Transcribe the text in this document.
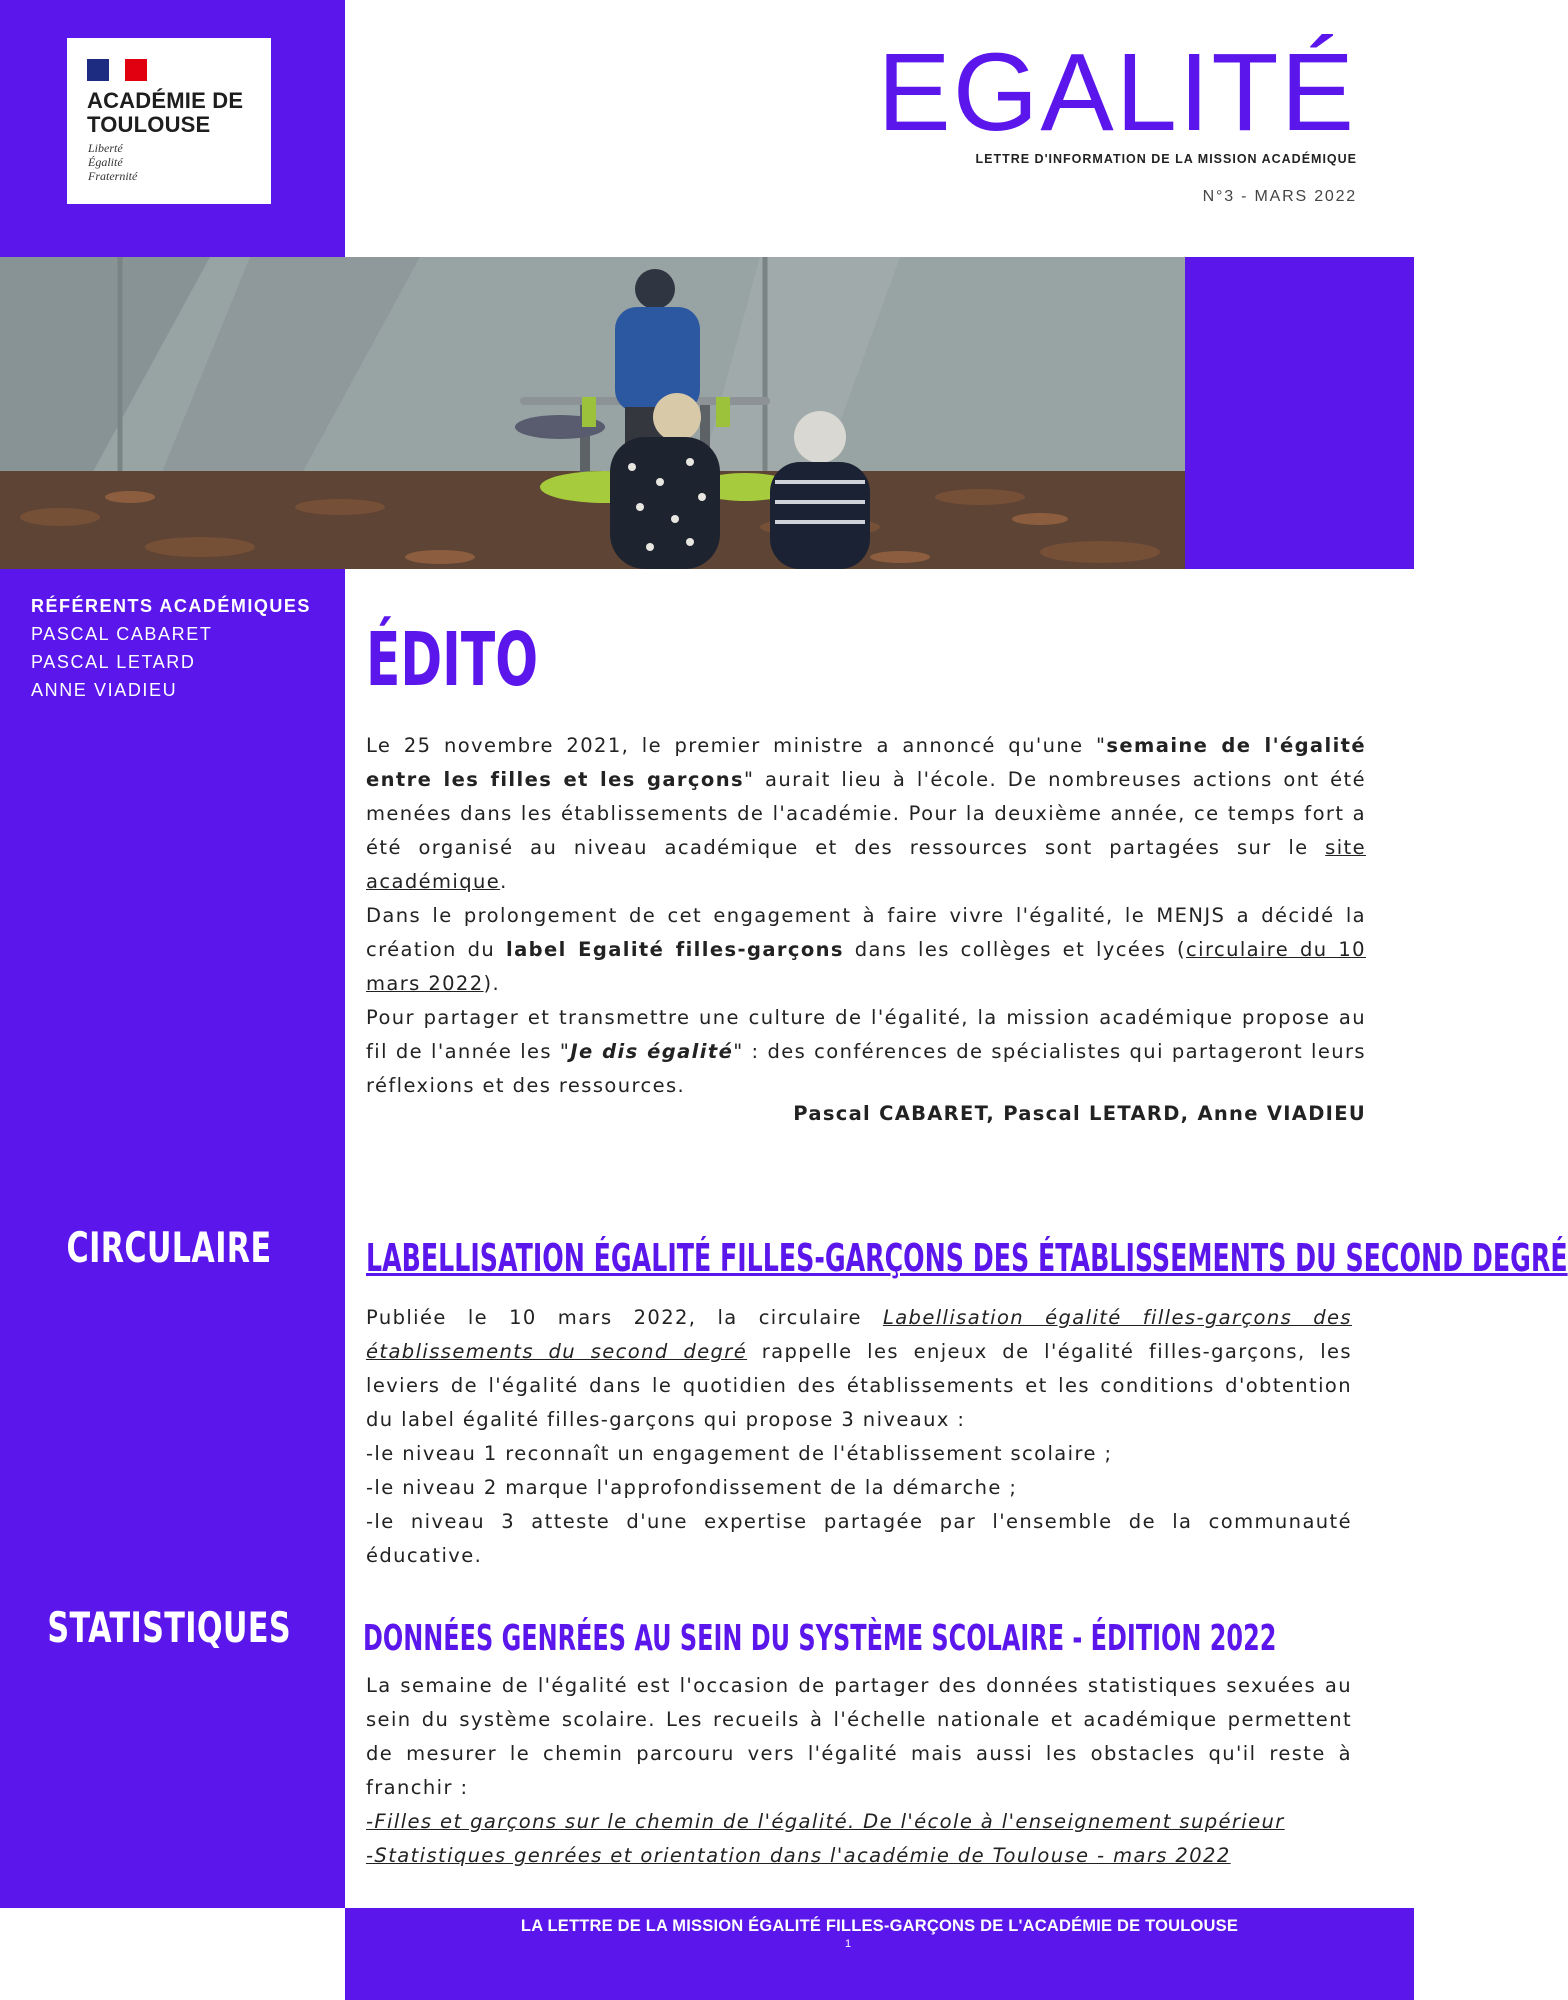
ACADÉMIE DE TOULOUSE
Liberté
Égalité
Fraternité
EGALITÉ
LETTRE D'INFORMATION DE LA MISSION ACADÉMIQUE
N°3 - MARS 2022
RÉFÉRENTS ACADÉMIQUES
PASCAL CABARET
PASCAL LETARD
ANNE VIADIEU
CIRCULAIRE
STATISTIQUES
ÉDITO
Le 25 novembre 2021, le premier ministre a annoncé qu'une "semaine de l'égalité entre les filles et les garçons" aurait lieu à l'école. De nombreuses actions ont été menées dans les établissements de l'académie. Pour la deuxième année, ce temps fort a été organisé au niveau académique et des ressources sont partagées sur le site académique.
Dans le prolongement de cet engagement à faire vivre l'égalité, le MENJS a décidé la création du label Egalité filles-garçons dans les collèges et lycées (circulaire du 10 mars 2022).
Pour partager et transmettre une culture de l'égalité, la mission académique propose au fil de l'année les "Je dis égalité" : des conférences de spécialistes qui partageront leurs réflexions et des ressources.
Pascal CABARET, Pascal LETARD, Anne VIADIEU
LABELLISATION ÉGALITÉ FILLES-GARÇONS DES ÉTABLISSEMENTS DU SECOND DEGRÉ
Publiée le 10 mars 2022, la circulaire Labellisation égalité filles-garçons des établissements du second degré rappelle les enjeux de l'égalité filles-garçons, les leviers de l'égalité dans le quotidien des établissements et les conditions d'obtention du label égalité filles-garçons qui propose 3 niveaux :
-le niveau 1 reconnaît un engagement de l'établissement scolaire ;
-le niveau 2 marque l'approfondissement de la démarche ;
-le niveau 3 atteste d'une expertise partagée par l'ensemble de la communauté éducative.
DONNÉES GENRÉES AU SEIN DU SYSTÈME SCOLAIRE - ÉDITION 2022
La semaine de l'égalité est l'occasion de partager des données statistiques sexuées au sein du système scolaire. Les recueils à l'échelle nationale et académique permettent de mesurer le chemin parcouru vers l'égalité mais aussi les obstacles qu'il reste à franchir :
-Filles et garçons sur le chemin de l'égalité. De l'école à l'enseignement supérieur
-Statistiques genrées et orientation dans l'académie de Toulouse - mars 2022
LA LETTRE DE LA MISSION ÉGALITÉ FILLES-GARÇONS DE L'ACADÉMIE DE TOULOUSE
1
